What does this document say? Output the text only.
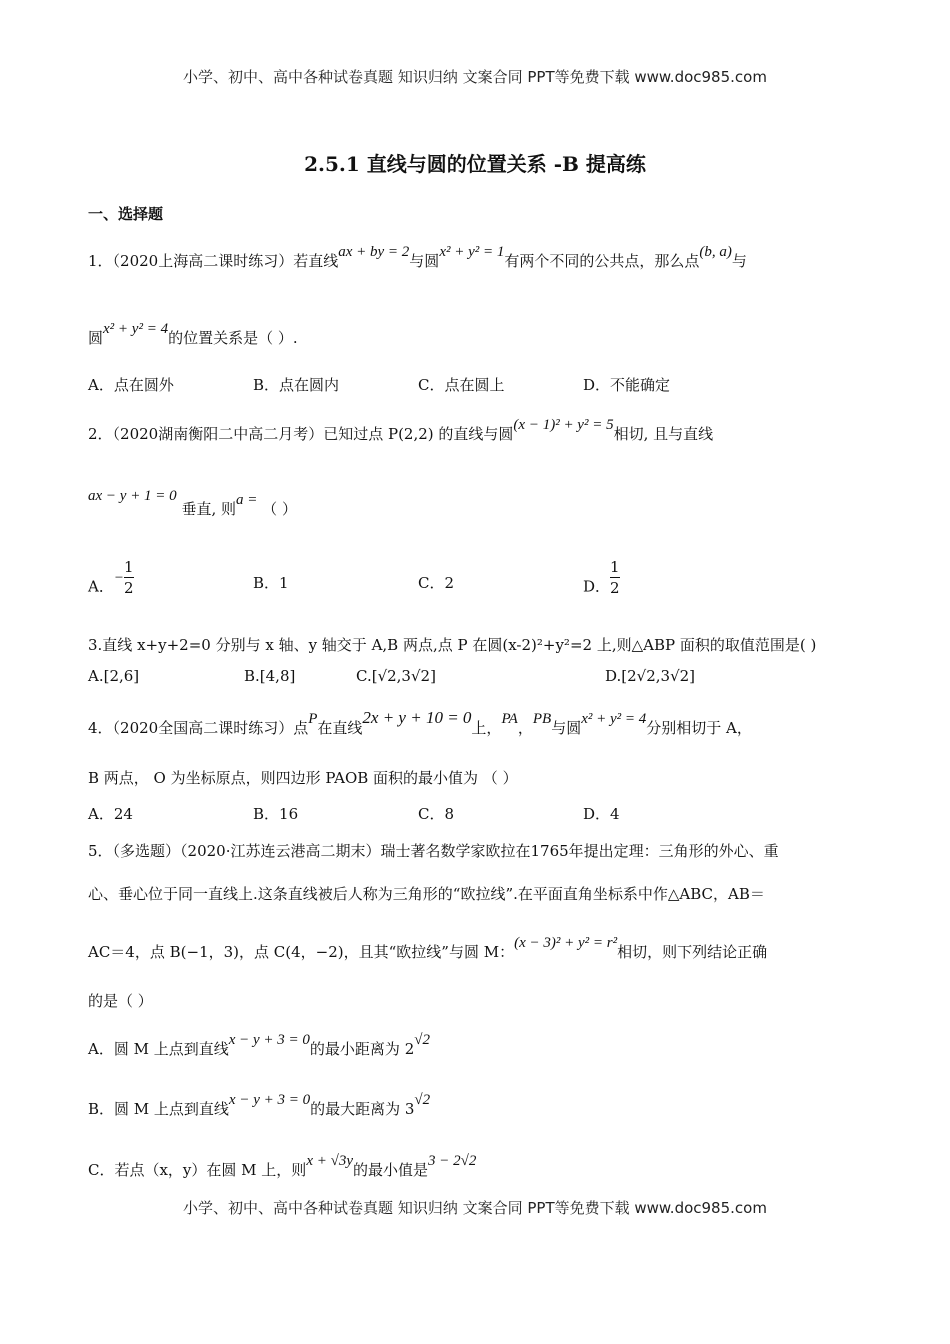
小学、初中、高中各种试卷真题 知识归纳 文案合同 PPT等免费下载 www.doc985.com
2.5.1 直线与圆的位置关系 -B 提高练
一、选择题
1．（2020上海高二课时练习）若直线ax + by = 2与圆x² + y² = 1有两个不同的公共点，那么点(b, a)与
圆x² + y² = 4的位置关系是（ ）.
A．点在圆外	B．点在圆内	C．点在圆上	D．不能确定
2．（2020湖南衡阳二中高二月考）已知过点 P(2,2) 的直线与圆(x − 1)² + y² = 5相切, 且与直线
ax − y + 1 = 0 垂直, 则a = （ ）
A．− $\frac{1}{2}$	B．1	C．2	D． $\frac{1}{2}$
3.直线 x+y+2=0 分别与 x 轴、y 轴交于 A,B 两点,点 P 在圆(x-2)²+y²=2 上,则△ABP 面积的取值范围是( )
A.[2,6]	B.[4,8]	C.[√2,3√2]	D.[2√2,3√2]
4．（2020全国高二课时练习）点P在直线2x + y + 10 = 0上，PA，PB与圆x² + y² = 4分别相切于 A，
B 两点， O 为坐标原点，则四边形 PAOB 面积的最小值为 （ ）
A．24	B．16	C．8	D．4
5．（多选题）（2020·江苏连云港高二期末）瑞士著名数学家欧拉在1765年提出定理：三角形的外心、重
心、垂心位于同一直线上.这条直线被后人称为三角形的“欧拉线”.在平面直角坐标系中作△ABC，AB＝
AC＝4，点 B(−1，3)，点 C(4，−2)，且其“欧拉线”与圆 M：(x − 3)² + y² = r²相切，则下列结论正确
的是（ ）
A．圆 M 上点到直线x − y + 3 = 0的最小距离为 2√2
B．圆 M 上点到直线x − y + 3 = 0的最大距离为 3√2
C．若点（x，y）在圆 M 上，则x + √3y的最小值是3 − 2√2
小学、初中、高中各种试卷真题 知识归纳 文案合同 PPT等免费下载 www.doc985.com
